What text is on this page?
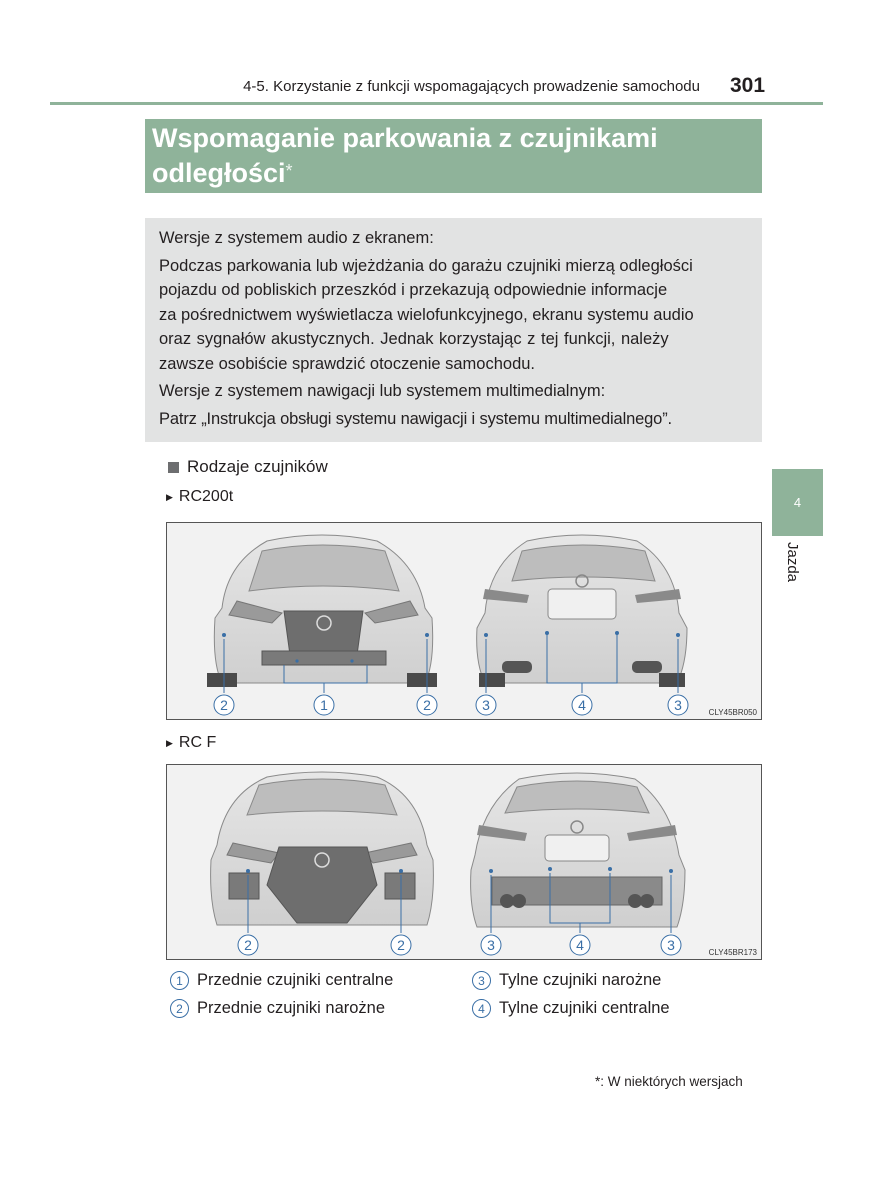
4-5. Korzystanie z funkcji wspomagających prowadzenie samochodu 301
Wspomaganie parkowania z czujnikami
odległości*

Wersje z systemem audio z ekranem:

Podczas parkowania lub wjeżdżania do garażu czujniki mierzą odległości
pojazdu od pobliskich przeszkód i przekazują odpowiednie informacje
za pośrednictwem wyświetlacza wielofunkcyjnego, ekranu systemu audio
oraz sygnałów akustycznych. Jednak korzystając z tej funkcji, należy
zawsze osobiście sprawdzić otoczenie samochodu.

Wersje z systemem nawigacji lub systemem multimedialnym:

Patrz „Instrukcja obsługi systemu nawigacji i systemu multimedialnego”.

Rodzaje czujników
▶ RC200t
2	1	2	3	4	3	CLY45BR050
▶ RC F
2	2	3	4	3	CLY45BR173
1 Przednie czujniki centralne	3 Tylne czujniki narożne
2 Przednie czujniki narożne	4 Tylne czujniki centralne
*: W niektórych wersjach
4
Jazda
